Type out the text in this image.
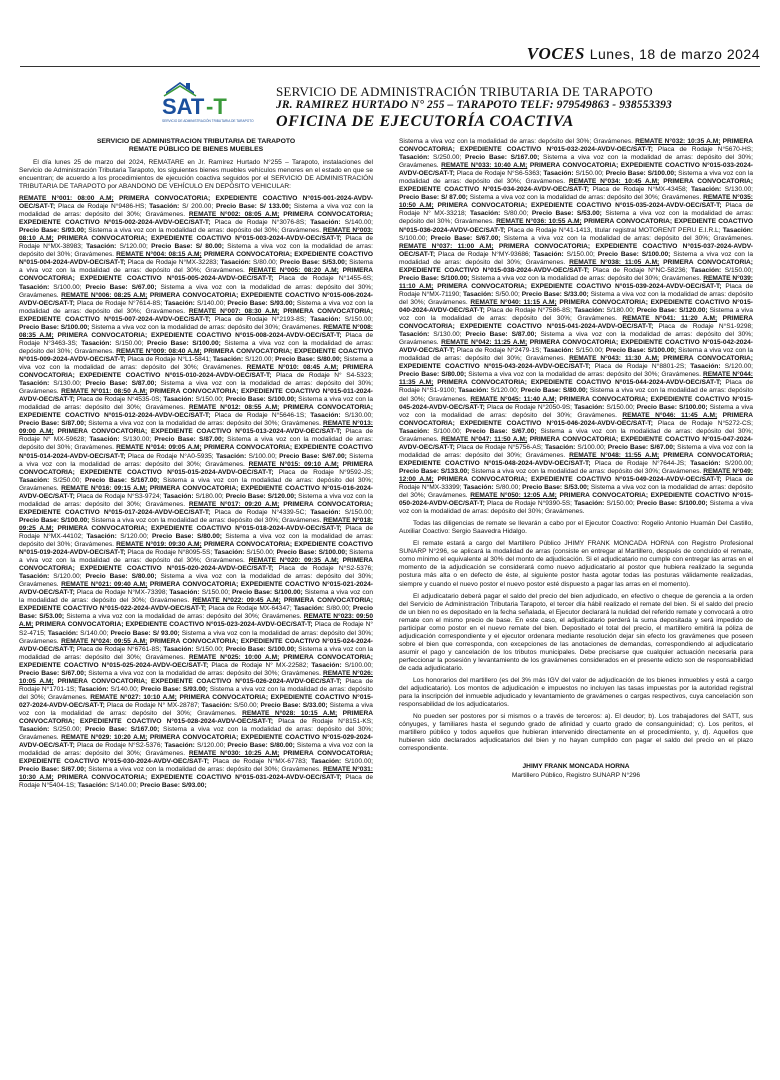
VOCES Lunes, 18 de marzo 2024
SAT -T
SERVICIO DE ADMINISTRACIÓN TRIBUTARIA DE TARAPOTO
SERVICIO DE ADMINISTRACIÓN TRIBUTARIA DE TARAPOTO
JR. RAMIREZ HURTADO N° 255 – TARAPOTO TELF: 979549863 - 938553393
OFICINA DE EJECUTORÍA COACTIVA

SERVICIO DE ADMINISTRACIÓN TRIBUTARIA DE TARAPOTO
REMATE PÚBLICO DE BIENES MUEBLES

El día lunes 25 de marzo del 2024, REMATARE en Jr. Ramírez Hurtado N°255 – Tarapoto, instalaciones del Servicio de Administración Tributaria Tarapoto, los siguientes bienes muebles vehículos menores en el estado en que se encuentran; de acuerdo a los procedimientos de ejecución coactiva seguidos por el SERVICIO DE ADMINISTRACIÓN TRIBUTARIA DE TARAPOTO por ABANDONO DE VEHÍCULO EN DEPÓSITO VEHICULAR:

REMATE N°001: 08:00 A.M; PRIMERA CONVOCATORIA; EXPEDIENTE COACTIVO N°015-001-2024-AVDV-OEC/SAT-T; Placa de Rodaje N°9486-HS; Tasación: S/ 200.00; Precio Base: S/ 133.00; Sistema a viva voz con la modalidad de arras: depósito del 30%; Gravámenes. REMATE N°002: 08:05 A.M; PRIMERA CONVOCATORIA; EXPEDIENTE COACTIVO N°015-002-2024-AVDV-OEC/SAT-T; Placa de Rodaje N°3076-8S; Tasación: S/140.00; Precio Base: S/93.00; Sistema a viva voz con la modalidad de arras: depósito del 30%; Gravámenes. REMATE N°003: 08:10 A.M; PRIMERA CONVOCATORIA; EXPEDIENTE COACTIVO N°015-003-2024-AVDV-OEC/SAT-T; Placa de Rodaje N°MX-38983; Tasación: S/120.00; Precio Base: S/ 80.00; Sistema a viva voz con la modalidad de arras: depósito del 30%; Gravámenes. REMATE N°004: 08:15 A.M; PRIMERA CONVOCATORIA; EXPEDIENTE COACTIVO N°015-004-2024-AVDV-OEC/SAT-T; Placa de Rodaje N°MX-32283; Tasación: S/80.00; Precio Base: S/53.00; Sistema a viva voz con la modalidad de arras: depósito del 30%; Gravámenes. REMATE N°005: 08:20 A.M; PRIMERA CONVOCATORIA; EXPEDIENTE COACTIVO N°015-005-2024-AVDV-OEC/SAT-T; Placa de Rodaje N°1455-6S; Tasación: S/100.00; Precio Base: S/67.00; Sistema a viva voz con la modalidad de arras: depósito del 30%; Gravámenes. REMATE N°006: 08:25 A.M; PRIMERA CONVOCATORIA; EXPEDIENTE COACTIVO N°015-006-2024-AVDV-OEC/SAT-T; Placa de Rodaje N°7614-8S; Tasación: S/140.00; Precio Base: S/93.00; Sistema a viva voz con la modalidad de arras: depósito del 30%; Gravámenes. REMATE N°007: 08:30 A.M; PRIMERA CONVOCATORIA; EXPEDIENTE COACTIVO N°015-007-2024-AVDV-OEC/SAT-T; Placa de Rodaje N°2193-8S; Tasación: S/150.00; Precio Base: S/100.00; Sistema a viva voz con la modalidad de arras: depósito del 30%; Gravámenes. REMATE N°008: 08:35 A.M; PRIMERA CONVOCATORIA; EXPEDIENTE COACTIVO N°015-008-2024-AVDV-OEC/SAT-T; Placa de Rodaje N°3463-3S; Tasación: S/150.00; Precio Base: S/100.00; Sistema a viva voz con la modalidad de arras: depósito del 30%; Gravámenes. REMATE N°009: 08:40 A.M; PRIMERA CONVOCATORIA; EXPEDIENTE COACTIVO N°015-009-2024-AVDV-OEC/SAT-T; Placa de Rodaje N°L1-5841; Tasación: S/120.00; Precio Base: S/80.00; Sistema a viva voz con la modalidad de arras: depósito del 30%; Gravámenes. REMATE N°010: 08:45 A.M; PRIMERA CONVOCATORIA; EXPEDIENTE COACTIVO N°015-010-2024-AVDV-OEC/SAT-T; Placa de Rodaje N° S4-5323; Tasación: S/130.00; Precio Base: S/87.00; Sistema a viva voz con la modalidad de arras: depósito del 30%; Gravámenes. REMATE N°011: 08:50 A.M; PRIMERA CONVOCATORIA; EXPEDIENTE COACTIVO N°015-011-2024-AVDV-OEC/SAT-T; Placa de Rodaje N°4535-0S; Tasación: S/150.00; Precio Base: S/100.00; Sistema a viva voz con la modalidad de arras: depósito del 30%; Gravámenes. REMATE N°012: 08:55 A.M; PRIMERA CONVOCATORIA; EXPEDIENTE COACTIVO N°015-012-2024-AVDV-OEC/SAT-T; Placa de Rodaje N°5646-1S; Tasación: S/130.00; Precio Base: S/87.00; Sistema a viva voz con la modalidad de arras: depósito del 30%; Gravámenes. REMATE N°013: 09:00 A.M; PRIMERA CONVOCATORIA; EXPEDIENTE COACTIVO N°015-013-2024-AVDV-OEC/SAT-T; Placa de Rodaje N° MX-59628; Tasación: S/130.00; Precio Base: S/87.00; Sistema a viva voz con la modalidad de arras: depósito del 30%; Gravámenes. REMATE N°014: 09:05 A.M; PRIMERA CONVOCATORIA; EXPEDIENTE COACTIVO N°015-014-2024-AVDV-OEC/SAT-T; Placa de Rodaje N°A0-5935; Tasación: S/100.00; Precio Base: S/67.00; Sistema a viva voz con la modalidad de arras: depósito del 30%; Gravámenes. REMATE N°015: 09:10 A.M; PRIMERA CONVOCATORIA; EXPEDIENTE COACTIVO N°015-015-2024-AVDV-OEC/SAT-T; Placa de Rodaje N°9592-JS; Tasación: S/250.00; Precio Base: S/167.00; Sistema a viva voz con la modalidad de arras: depósito del 30%; Gravámenes. REMATE N°016: 09:15 A.M; PRIMERA CONVOCATORIA; EXPEDIENTE COACTIVO N°015-016-2024-AVDV-OEC/SAT-T; Placa de Rodaje N°S3-9724; Tasación: S/180.00; Precio Base: S/120.00; Sistema a viva voz con la modalidad de arras: depósito del 30%; Gravámenes. REMATE N°017: 09:20 A.M; PRIMERA CONVOCATORIA; EXPEDIENTE COACTIVO N°015-017-2024-AVDV-OEC/SAT-T; Placa de Rodaje N°4339-5C; Tasación: S/150.00; Precio Base: S/100.00; Sistema a viva voz con la modalidad de arras: depósito del 30%; Gravámenes. REMATE N°018: 09:25 A.M; PRIMERA CONVOCATORIA; EXPEDIENTE COACTIVO N°015-018-2024-AVDV-OEC/SAT-T; Placa de Rodaje N°MX-44102; Tasación: S/120.00; Precio Base: S/80.00; Sistema a viva voz con la modalidad de arras: depósito del 30%; Gravámenes. REMATE N°019: 09:30 A.M; PRIMERA CONVOCATORIA; EXPEDIENTE COACTIVO N°015-019-2024-AVDV-OEC/SAT-T; Placa de Rodaje N°8095-5S; Tasación: S/150.00; Precio Base: S/100.00; Sistema a viva voz con la modalidad de arras: depósito del 30%; Gravámenes. REMATE N°020: 09:35 A.M; PRIMERA CONVOCATORIA; EXPEDIENTE COACTIVO N°015-020-2024-AVDV-OEC/SAT-T; Placa de Rodaje N°S2-5376; Tasación: S/120.00; Precio Base: S/80.00; Sistema a viva voz con la modalidad de arras: depósito del 30%; Gravámenes. REMATE N°021: 09:40 A.M; PRIMERA CONVOCATORIA; EXPEDIENTE COACTIVO N°015-021-2024-AVDV-OEC/SAT-T; Placa de Rodaje N°MX-73398; Tasación: S/150.00; Precio Base: S/100.00; Sistema a viva voz con la modalidad de arras: depósito del 30%; Gravámenes. REMATE N°022: 09:45 A.M; PRIMERA CONVOCATORIA; EXPEDIENTE COACTIVO N°015-022-2024-AVDV-OEC/SAT-T; Placa de Rodaje MX-64347; Tasación: S/80.00; Precio Base: S/53.00; Sistema a viva voz con la modalidad de arras: depósito del 30%; Gravámenes. REMATE N°023: 09:50 A.M; PRIMERA CONVOCATORIA; EXPEDIENTE COACTIVO N°015-023-2024-AVDV-OEC/SAT-T; Placa de Rodaje N° S2-4715; Tasación: S/140.00; Precio Base: S/ 93.00; Sistema a viva voz con la modalidad de arras: depósito del 30%; Gravámenes. REMATE N°024: 09:55 A.M; PRIMERA CONVOCATORIA; EXPEDIENTE COACTIVO N°015-024-2024-AVDV-OEC/SAT-T; Placa de Rodaje N°6761-8S; Tasación: S/150.00; Precio Base: S/100.00; Sistema a viva voz con la modalidad de arras: depósito del 30%; Gravámenes. REMATE N°025: 10:00 A.M; PRIMERA CONVOCATORIA; EXPEDIENTE COACTIVO N°015-025-2024-AVDV-OEC/SAT-T; Placa de Rodaje N° MX-22582; Tasación: S/100.00; Precio Base: S/67.00; Sistema a viva voz con la modalidad de arras: depósito del 30%; Gravámenes. REMATE N°026: 10:05 A.M; PRIMERA CONVOCATORIA; EXPEDIENTE COACTIVO N°015-026-2024-AVDV-OEC/SAT-T; Placa de Rodaje N°1701-1S; Tasación: S/140.00; Precio Base: S/93.00; Sistema a viva voz con la modalidad de arras: depósito del 30%; Gravámenes. REMATE N°027: 10:10 A.M; PRIMERA CONVOCATORIA; EXPEDIENTE COACTIVO N°015-027-2024-AVDV-OEC/SAT-T; Placa de Rodaje N° MX-28787; Tasación: S/50.00; Precio Base: S/33.00; Sistema a viva voz con la modalidad de arras: depósito del 30%; Gravámenes. REMATE N°028: 10:15 A.M; PRIMERA CONVOCATORIA; EXPEDIENTE COACTIVO N°015-028-2024-AVDV-OEC/SAT-T; Placa de Rodaje N°8151-KS; Tasación: S/250.00; Precio Base: S/167.00; Sistema a viva voz con la modalidad de arras: depósito del 30%; Gravámenes. REMATE N°029: 10:20 A.M; PRIMERA CONVOCATORIA; EXPEDIENTE COACTIVO N°015-029-2024-AVDV-OEC/SAT-T; Placa de Rodaje N°S2-5376; Tasación: S/120.00; Precio Base: S/80.00; Sistema a viva voz con la modalidad de arras: depósito del 30%; Gravámenes. REMATE N°030: 10:25 A.M; PRIMERA CONVOCATORIA; EXPEDIENTE COACTIVO N°015-030-2024-AVDV-OEC/SAT-T; Placa de Rodaje N°MX-67783; Tasación: S/100.00; Precio Base: S/67.00; Sistema a viva voz con la modalidad de arras: depósito del 30%; Gravámenes. REMATE N°031: 10:30 A.M; PRIMERA CONVOCATORIA; EXPEDIENTE COACTIVO N°015-031-2024-AVDV-OEC/SAT-T; Placa de Rodaje N°5404-1S; Tasación: S/140.00; Precio Base: S/93.00;

Sistema a viva voz con la modalidad de arras: depósito del 30%; Gravámenes. REMATE N°032: 10:35 A.M; PRIMERA CONVOCATORIA; EXPEDIENTE COACTIVO N°015-032-2024-AVDV-OEC/SAT-T; Placa de Rodaje N°5670-HS; Tasación: S/250.00; Precio Base: S/167.00; Sistema a viva voz con la modalidad de arras: depósito del 30%; Gravámenes. REMATE N°033: 10:40 A.M; PRIMERA CONVOCATORIA; EXPEDIENTE COACTIVO N°015-033-2024-AVDV-OEC/SAT-T; Placa de Rodaje N°S6-5363; Tasación: S/150.00; Precio Base: S/100.00; Sistema a viva voz con la modalidad de arras: depósito del 30%; Gravámenes. REMATE N°034: 10:45 A.M; PRIMERA CONVOCATORIA; EXPEDIENTE COACTIVO N°015-034-2024-AVDV-OEC/SAT-T; Placa de Rodaje N°MX-43458; Tasación: S/130.00; Precio Base: S/ 87.00; Sistema a viva voz con la modalidad de arras: depósito del 30%; Gravámenes. REMATE N°035: 10:50 A.M; PRIMERA CONVOCATORIA; EXPEDIENTE COACTIVO N°015-035-2024-AVDV-OEC/SAT-T; Placa de Rodaje N° MX-33218; Tasación: S/80.00; Precio Base: S/53.00; Sistema a viva voz con la modalidad de arras: depósito del 30%; Gravámenes. REMATE N°036: 10:55 A.M; PRIMERA CONVOCATORIA; EXPEDIENTE COACTIVO N°015-036-2024-AVDV-OEC/SAT-T; Placa de Rodaje N°41-1413, titular registral MOTORENT PERU E.I.R.L; Tasación: S/100.00; Precio Base: S/67.00; Sistema a viva voz con la modalidad de arras: depósito del 30%; Gravámenes. REMATE N°037: 11:00 A.M; PRIMERA CONVOCATORIA; EXPEDIENTE COACTIVO N°015-037-2024-AVDV-OEC/SAT-T; Placa de Rodaje N°MY-93686; Tasación: S/150.00; Precio Base: S/100.00; Sistema a viva voz con la modalidad de arras: depósito del 30%; Gravámenes. REMATE N°038: 11:05 A.M; PRIMERA CONVOCATORIA; EXPEDIENTE COACTIVO N°015-038-2024-AVDV-OEC/SAT-T; Placa de Rodaje N°NC-58236; Tasación: S/150.00; Precio Base: S/100.00; Sistema a viva voz con la modalidad de arras: depósito del 30%; Gravámenes. REMATE N°039: 11:10 A.M; PRIMERA CONVOCATORIA; EXPEDIENTE COACTIVO N°015-039-2024-AVDV-OEC/SAT-T; Placa de Rodaje N°MX-71190; Tasación: S/50.00; Precio Base: S/33.00; Sistema a viva voz con la modalidad de arras: depósito del 30%; Gravámenes. REMATE N°040: 11:15 A.M; PRIMERA CONVOCATORIA; EXPEDIENTE COACTIVO N°015-040-2024-AVDV-OEC/SAT-T; Placa de Rodaje N°7586-8S; Tasación: S/180.00; Precio Base: S/120.00; Sistema a viva voz con la modalidad de arras: depósito del 30%; Gravámenes. REMATE N°041: 11:20 A.M; PRIMERA CONVOCATORIA; EXPEDIENTE COACTIVO N°015-041-2024-AVDV-OEC/SAT-T; Placa de Rodaje N°S1-9298; Tasación: S/130.00; Precio Base: S/87.00; Sistema a viva voz con la modalidad de arras: depósito del 30%; Gravámenes. REMATE N°042: 11:25 A.M; PRIMERA CONVOCATORIA; EXPEDIENTE COACTIVO N°015-042-2024-AVDV-OEC/SAT-T; Placa de Rodaje N°2479-1S; Tasación: S/150.00; Precio Base: S/100.00; Sistema a viva voz con la modalidad de arras: depósito del 30%; Gravámenes. REMATE N°043: 11:30 A.M; PRIMERA CONVOCATORIA; EXPEDIENTE COACTIVO N°015-043-2024-AVDV-OEC/SAT-T; Placa de Rodaje N°8801-2S; Tasación: S/120.00; Precio Base: S/80.00; Sistema a viva voz con la modalidad de arras: depósito del 30%; Gravámenes. REMATE N°044: 11:35 A.M; PRIMERA CONVOCATORIA; EXPEDIENTE COACTIVO N°015-044-2024-AVDV-OEC/SAT-T; Placa de Rodaje N°S1-9100; Tasación: S/120.00; Precio Base: S/80.00; Sistema a viva voz con la modalidad de arras: depósito del 30%; Gravámenes. REMATE N°045: 11:40 A.M; PRIMERA CONVOCATORIA; EXPEDIENTE COACTIVO N°015-045-2024-AVDV-OEC/SAT-T; Placa de Rodaje N°2050-9S; Tasación: S/150.00; Precio Base: S/100.00; Sistema a viva voz con la modalidad de arras: depósito del 30%; Gravámenes. REMATE N°046: 11:45 A.M; PRIMERA CONVOCATORIA; EXPEDIENTE COACTIVO N°015-046-2024-AVDV-OEC/SAT-T; Placa de Rodaje N°5272-CS; Tasación: S/100.00; Precio Base: S/67.00; Sistema a viva voz con la modalidad de arras: depósito del 30%; Gravámenes. REMATE N°047: 11:50 A.M; PRIMERA CONVOCATORIA; EXPEDIENTE COACTIVO N°015-047-2024-AVDV-OEC/SAT-T; Placa de Rodaje N°5756-AS; Tasación: S/100.00; Precio Base: S/67.00; Sistema a viva voz con la modalidad de arras: depósito del 30%; Gravámenes. REMATE N°048: 11:55 A.M; PRIMERA CONVOCATORIA; EXPEDIENTE COACTIVO N°015-048-2024-AVDV-OEC/SAT-T; Placa de Rodaje N°7644-JS; Tasación: S/200.00; Precio Base: S/133.00; Sistema a viva voz con la modalidad de arras: depósito del 30%; Gravámenes. REMATE N°049: 12:00 A.M; PRIMERA CONVOCATORIA; EXPEDIENTE COACTIVO N°015-049-2024-AVDV-OEC/SAT-T; Placa de Rodaje N°MX-33399; Tasación: S/80.00; Precio Base: S/53.00; Sistema a viva voz con la modalidad de arras: depósito del 30%; Gravámenes. REMATE N°050: 12:05 A.M; PRIMERA CONVOCATORIA; EXPEDIENTE COACTIVO N°015-050-2024-AVDV-OEC/SAT-T; Placa de Rodaje N°9390-5S; Tasación: S/150.00; Precio Base: S/100.00; Sistema a viva voz con la modalidad de arras: depósito del 30%; Gravámenes.

Todas las diligencias de remate se llevarán a cabo por el Ejecutor Coactivo: Rogelio Antonio Huamán Del Castillo, Auxiliar Coactivo: Sergio Saavedra Hidalgo.

El remate estará a cargo del Martillero Público JHIMY FRANK MONCADA HORNA con Registro Profesional SUNARP N°296, se aplicará la modalidad de arras (consiste en entregar al Martillero, después de concluido el remate, como mínimo el equivalente al 30% del monto de adjudicación. Si el adjudicatario no cumple con entregar las arras en el momento de la adjudicación se considerará como nuevo adjudicatario al postor que hubiera realizado la segunda postura más alta o en defecto de éste, al siguiente postor hasta agotar todas las posturas válidamente realizadas, siempre y cuando el nuevo postor el nuevo postor esté dispuesto a pagar las arras en el momento).

El adjudicatario deberá pagar el saldo del precio del bien adjudicado, en efectivo o cheque de gerencia a la orden del Servicio de Administración Tributaria Tarapoto, el tercer día hábil realizado el remate del bien. Si el saldo del precio de un bien no es depositado en la fecha señalada, el Ejecutor declarará la nulidad del referido remate y convocará a otro remate con el mismo precio de base. En este caso, el adjudicatario perderá la suma depositada y será impedido de participar como postor en el nuevo remate del bien. Depositado el total del precio, el martillero emitirá la póliza de adjudicación correspondiente y el ejecutor ordenara mediante resolución dejar sin efecto los gravámenes que poseen sobre el bien que corresponda, con excepciones de las anotaciones de demandas, correspondiendo al adjudicatario asumir el pago y cancelación de los tributos municipales. Debe precisarse que cualquier actuación necesaria para perfeccionar la posesión y levantamiento de los gravámenes considerados en el presente edicto son de responsabilidad de cada adjudicatario.

Los honorarios del martillero (es del 3% más IGV del valor de adjudicación de los bienes inmuebles y está a cargo del adjudicatario). Los montos de adjudicación e impuestos no incluyen las tasas impuestas por la autoridad registral para la inscripción del inmueble adjudicado y levantamiento de gravámenes o cargas respectivos, cuya cancelación son responsabilidad de los adjudicatarios.

No pueden ser postores por si mismos o a través de terceros: a). El deudor; b). Los trabajadores del SATT, sus cónyuges, y familiares hasta el segundo grado de afinidad y cuarto grado de consanguinidad; c). Los peritos, el martillero público y todos aquellos que hubieran intervenido directamente en el procedimiento, y, d). Aquellos que hubieren sido declarados adjudicatarios del bien y no hayan cumplido con pagar el saldo del precio en el plazo correspondiente.

JHIMY FRANK MONCADA HORNA
Martillero Público, Registro SUNARP N°296
